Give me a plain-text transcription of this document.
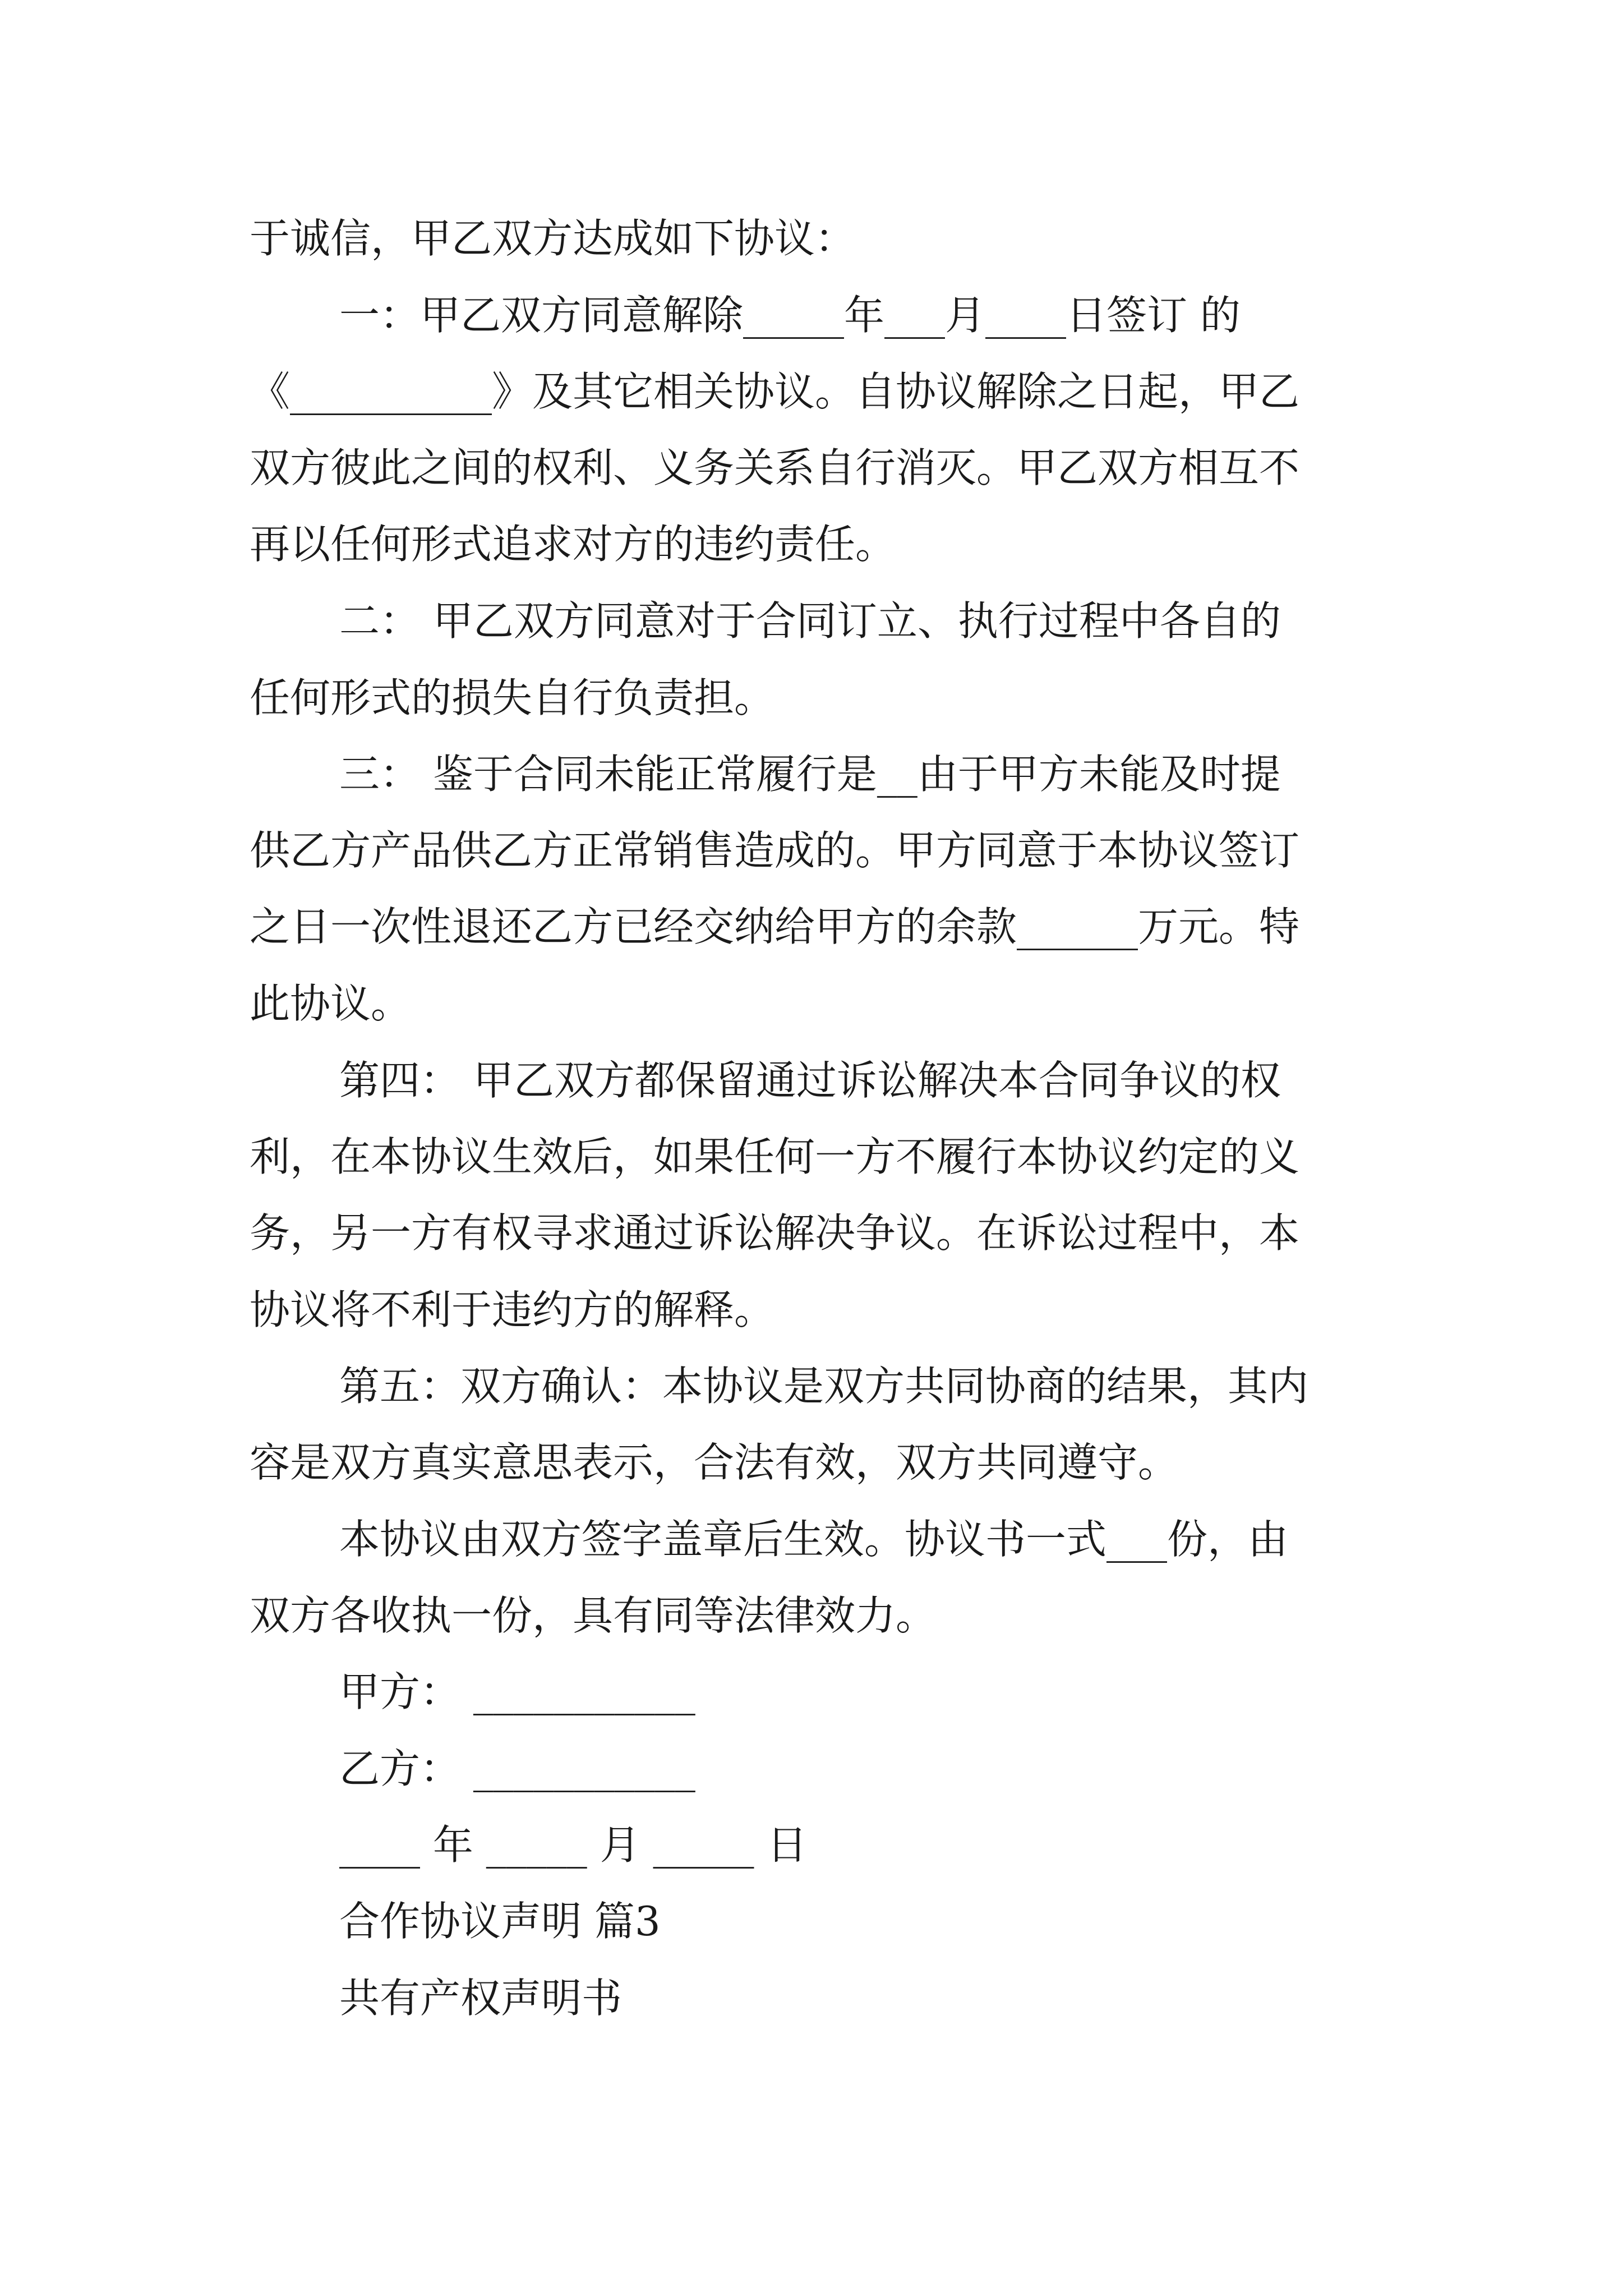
于诚信，甲乙双方达成如下协议：

一：甲乙双方同意解除_____年___月____日签订 的

《__________》及其它相关协议。自协议解除之日起，甲乙

双方彼此之间的权利、义务关系自行消灭。甲乙双方相互不

再以任何形式追求对方的违约责任。

二： 甲乙双方同意对于合同订立、执行过程中各自的

任何形式的损失自行负责担。

三： 鉴于合同未能正常履行是__由于甲方未能及时提

供乙方产品供乙方正常销售造成的。甲方同意于本协议签订

之日一次性退还乙方已经交纳给甲方的余款______万元。特

此协议。

第四： 甲乙双方都保留通过诉讼解决本合同争议的权

利，在本协议生效后，如果任何一方不履行本协议约定的义

务，另一方有权寻求通过诉讼解决争议。在诉讼过程中，本

协议将不利于违约方的解释。

第五：双方确认：本协议是双方共同协商的结果，其内

容是双方真实意思表示，合法有效，双方共同遵守。

本协议由双方签字盖章后生效。协议书一式___份，由

双方各收执一份，具有同等法律效力。

甲方： ___________

乙方： ___________

____ 年 _____ 月 _____ 日

合作协议声明 篇3

共有产权声明书
